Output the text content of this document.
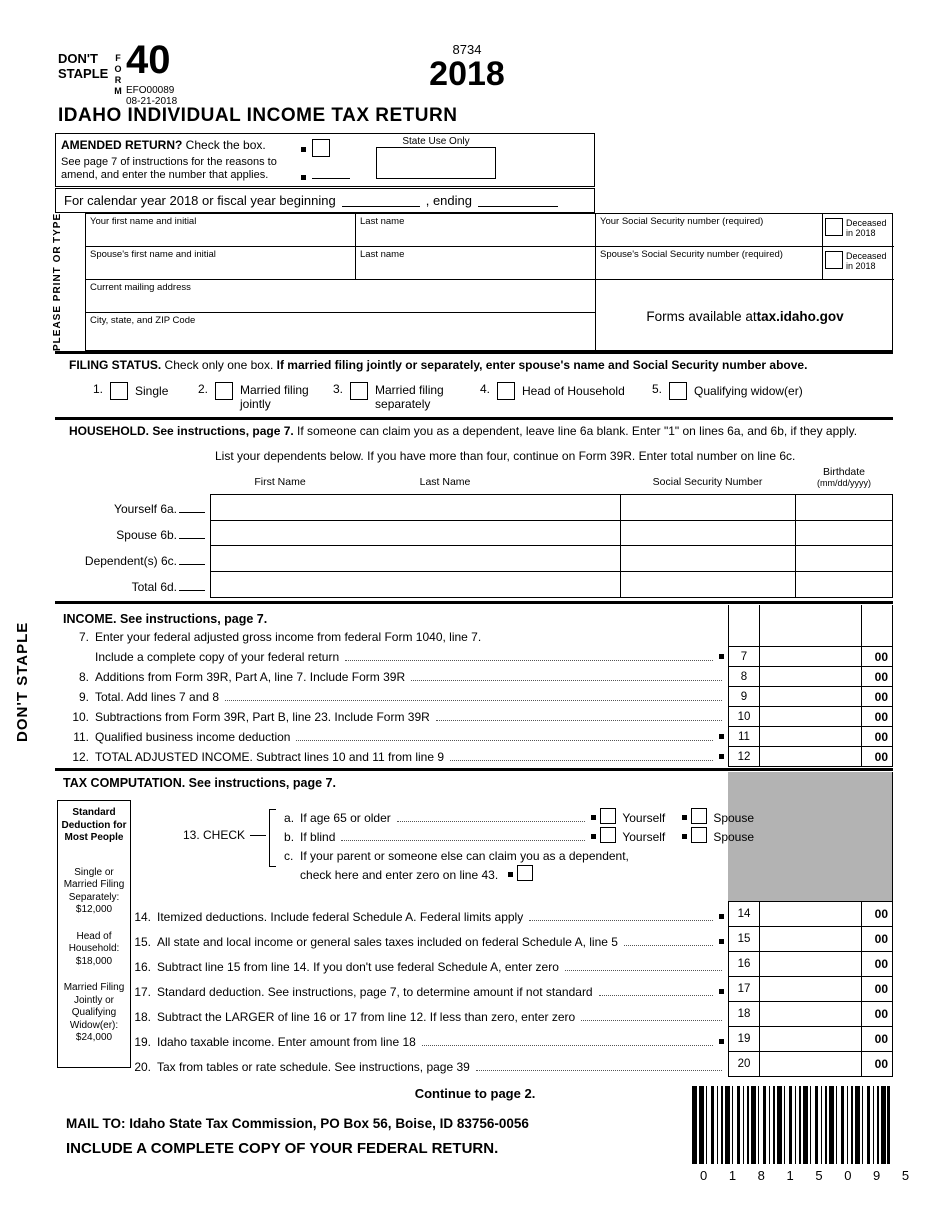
DON'T
STAPLE FORM 40
EFO00089
08-21-2018
8734
2018
IDAHO INDIVIDUAL INCOME TAX RETURN
AMENDED RETURN? Check the box.
See page 7 of instructions for the reasons to
amend, and enter the number that applies.
State Use Only
For calendar year 2018 or fiscal year beginning	, ending
PLEASE PRINT OR
TYPE	Your first name and initial	Last name	Your Social Security number (required)	Deceased
in 2018
Spouse's first name and initial	Last name	Spouse's Social Security number (required)	Deceased
in 2018
Current mailing address
Forms available at tax.idaho.gov
City, state, and ZIP Code
FILING STATUS. Check only one box. If married filing jointly or separately, enter spouse's name and Social Security number above.
1.	Single 2.	Married filing jointly
3.	Married filing separately
4.	Head of Household 5.	Qualifying widow(er)
HOUSEHOLD. See instructions, page 7. If someone can claim you as a dependent, leave line 6a blank. Enter "1" on lines 6a, and 6b, if they apply.
List your dependents below. If you have more than four, continue on Form 39R. Enter total number on line 6c.
First Name	Last Name	Social Security Number
Birthdate
(mm/dd/yyyy)
Yourself 6a.
Spouse 6b.
Dependent(s) 6c.
Total 6d.
DON'T STAPLE
INCOME. See instructions, page 7.
7. Enter your federal adjusted gross income from federal Form 1040, line 7.
Include a complete copy of your federal return	7	00
8. Additions from Form 39R, Part A, line 7. Include Form 39R	8	00
9. Total. Add lines 7 and 8	9	00
10. Subtractions from Form 39R, Part B, line 23. Include Form 39R	10	00
11. Qualified business income deduction	11	00
12. TOTAL ADJUSTED INCOME. Subtract lines 10 and 11 from line 9	12	00
TAX COMPUTATION. See instructions, page 7.
Standard Deduction for Most People
Single or Married Filing Separately: $12,000
Head of Household: $18,000
Married Filing Jointly or Qualifying Widow(er): $24,000
13. CHECK
a. If age 65 or older	Yourself	Spouse
b. If blind	Yourself	Spouse
c. If your parent or someone else can claim you as a dependent,
check here and enter zero on line 43.
14. Itemized deductions. Include federal Schedule A. Federal limits apply	14	00
15. All state and local income or general sales taxes included on federal Schedule A, line 5	15	00
16. Subtract line 15 from line 14. If you don't use federal Schedule A, enter zero	16	00
17. Standard deduction. See instructions, page 7, to determine amount if not standard	17	00
18. Subtract the LARGER of line 16 or 17 from line 12. If less than zero, enter zero	18	00
19. Idaho taxable income. Enter amount from line 18	19	00
20. Tax from tables or rate schedule. See instructions, page 39	20	00
Continue to page 2.
0 1 8 1 5 0 9 5
MAIL TO: Idaho State Tax Commission, PO Box 56, Boise, ID 83756-0056
INCLUDE A COMPLETE COPY OF YOUR FEDERAL RETURN.
